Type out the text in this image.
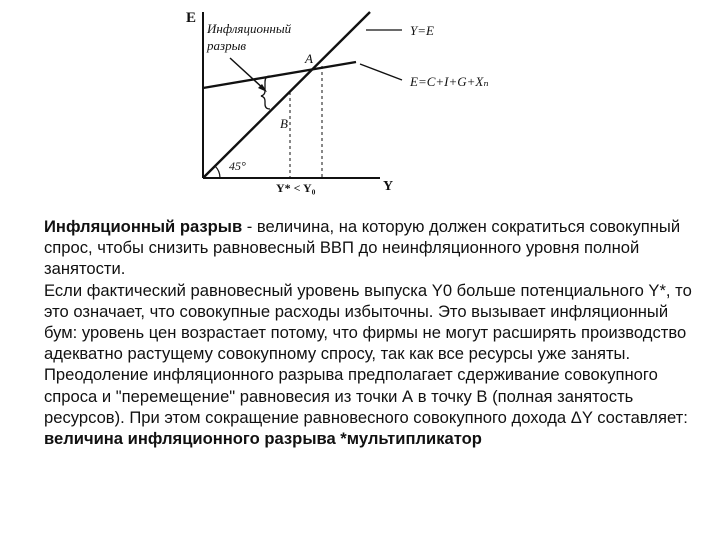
E
Y
45°
A
B
Инфляционный
разрыв
Y=E
E=C+I+G+Xₙ
Y* < Y₀

Инфляционный разрыв - величина, на которую должен сократиться совокупный спрос, чтобы снизить равновесный ВВП до неинфляционного уровня полной занятости.

Если фактический равновесный уровень выпуска Y0 больше потенциального Y*, то это означает, что совокупные расходы избыточны. Это вызывает инфляционный бум: уровень цен возрастает потому, что фирмы не могут расширять производство адекватно растущему совокупному спросу, так как все ресурсы уже заняты. Преодоление инфляционного разрыва предполагает сдерживание совокупного спроса и "перемещение" равновесия из точки А в точку В (полная занятость ресурсов). При этом сокращение равновесного совокупного дохода ΔY составляет: величина инфляционного разрыва *мультипликатор
